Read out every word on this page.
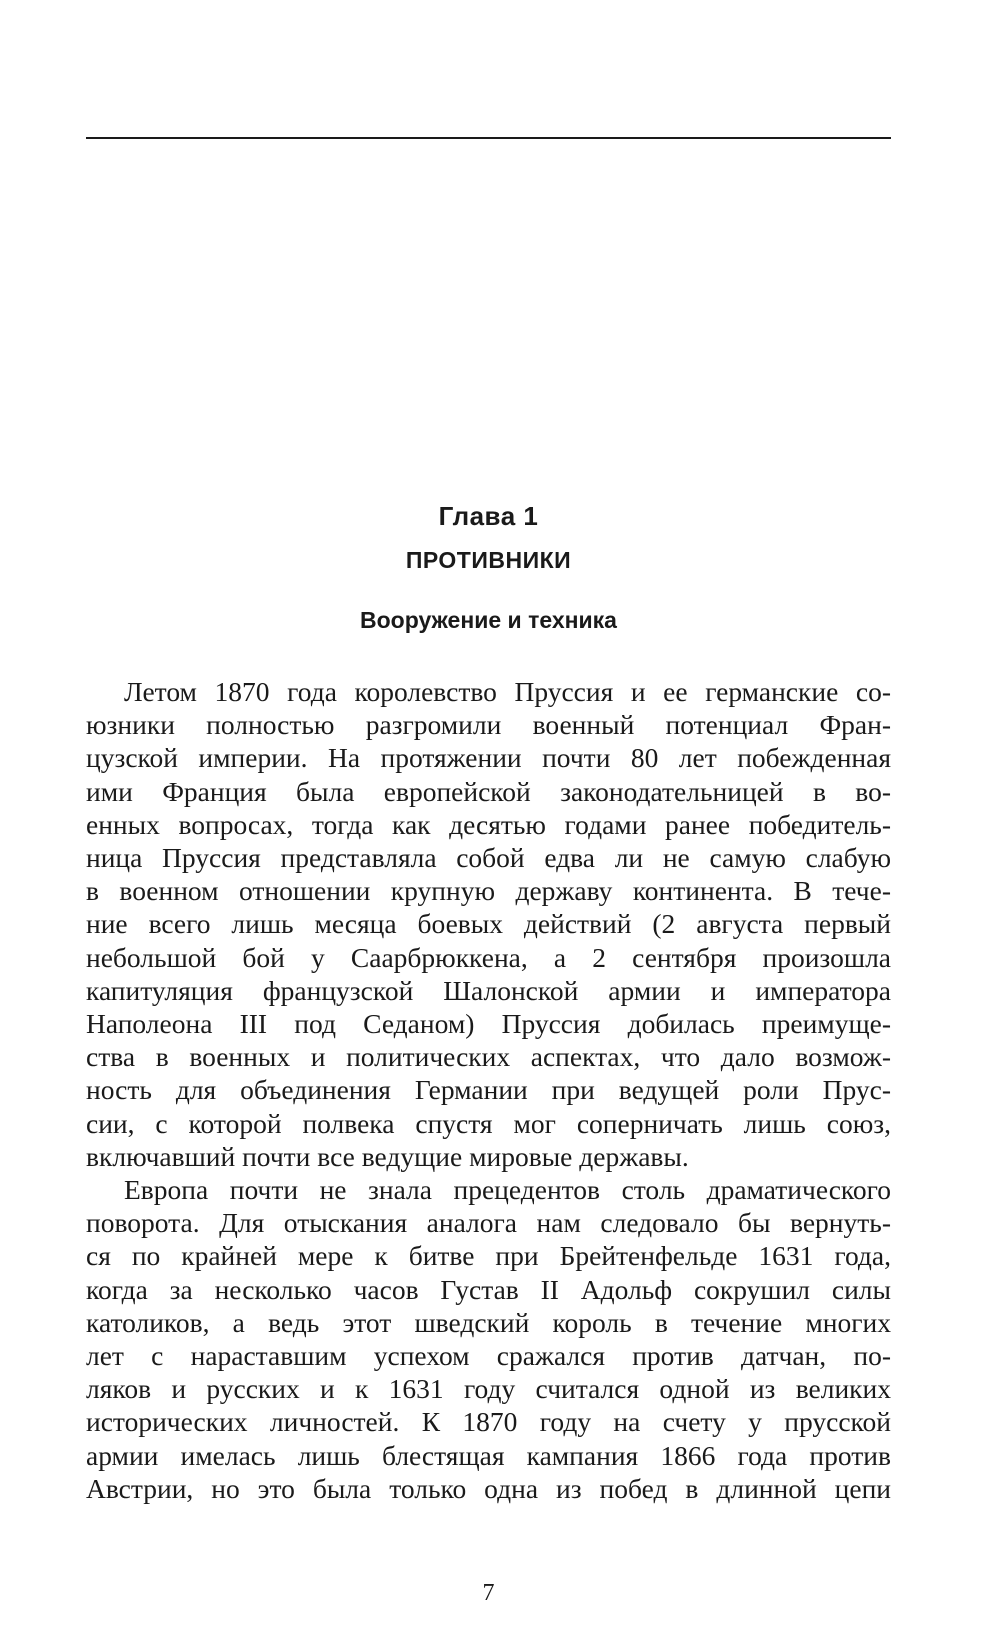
Глава 1
ПРОТИВНИКИ
Вооружение и техника
Летом 1870 года королевство Пруссия и ее германские со-
юзники полностью разгромили военный потенциал Фран-
цузской империи. На протяжении почти 80 лет побежденная
ими Франция была европейской законодательницей в во-
енных вопросах, тогда как десятью годами ранее победитель-
ница Пруссия представляла собой едва ли не самую слабую
в военном отношении крупную державу континента. В тече-
ние всего лишь месяца боевых действий (2 августа первый
небольшой бой у Саарбрюккена, а 2 сентября произошла
капитуляция французской Шалонской армии и императора
Наполеона III под Седаном) Пруссия добилась преимуще-
ства в военных и политических аспектах, что дало возмож-
ность для объединения Германии при ведущей роли Прус-
сии, с которой полвека спустя мог соперничать лишь союз,
включавший почти все ведущие мировые державы.
Европа почти не знала прецедентов столь драматического
поворота. Для отыскания аналога нам следовало бы вернуть-
ся по крайней мере к битве при Брейтенфельде 1631 года,
когда за несколько часов Густав II Адольф сокрушил силы
католиков, а ведь этот шведский король в течение многих
лет с нараставшим успехом сражался против датчан, по-
ляков и русских и к 1631 году считался одной из великих
исторических личностей. К 1870 году на счету у прусской
армии имелась лишь блестящая кампания 1866 года против
Австрии, но это была только одна из побед в длинной цепи
7
